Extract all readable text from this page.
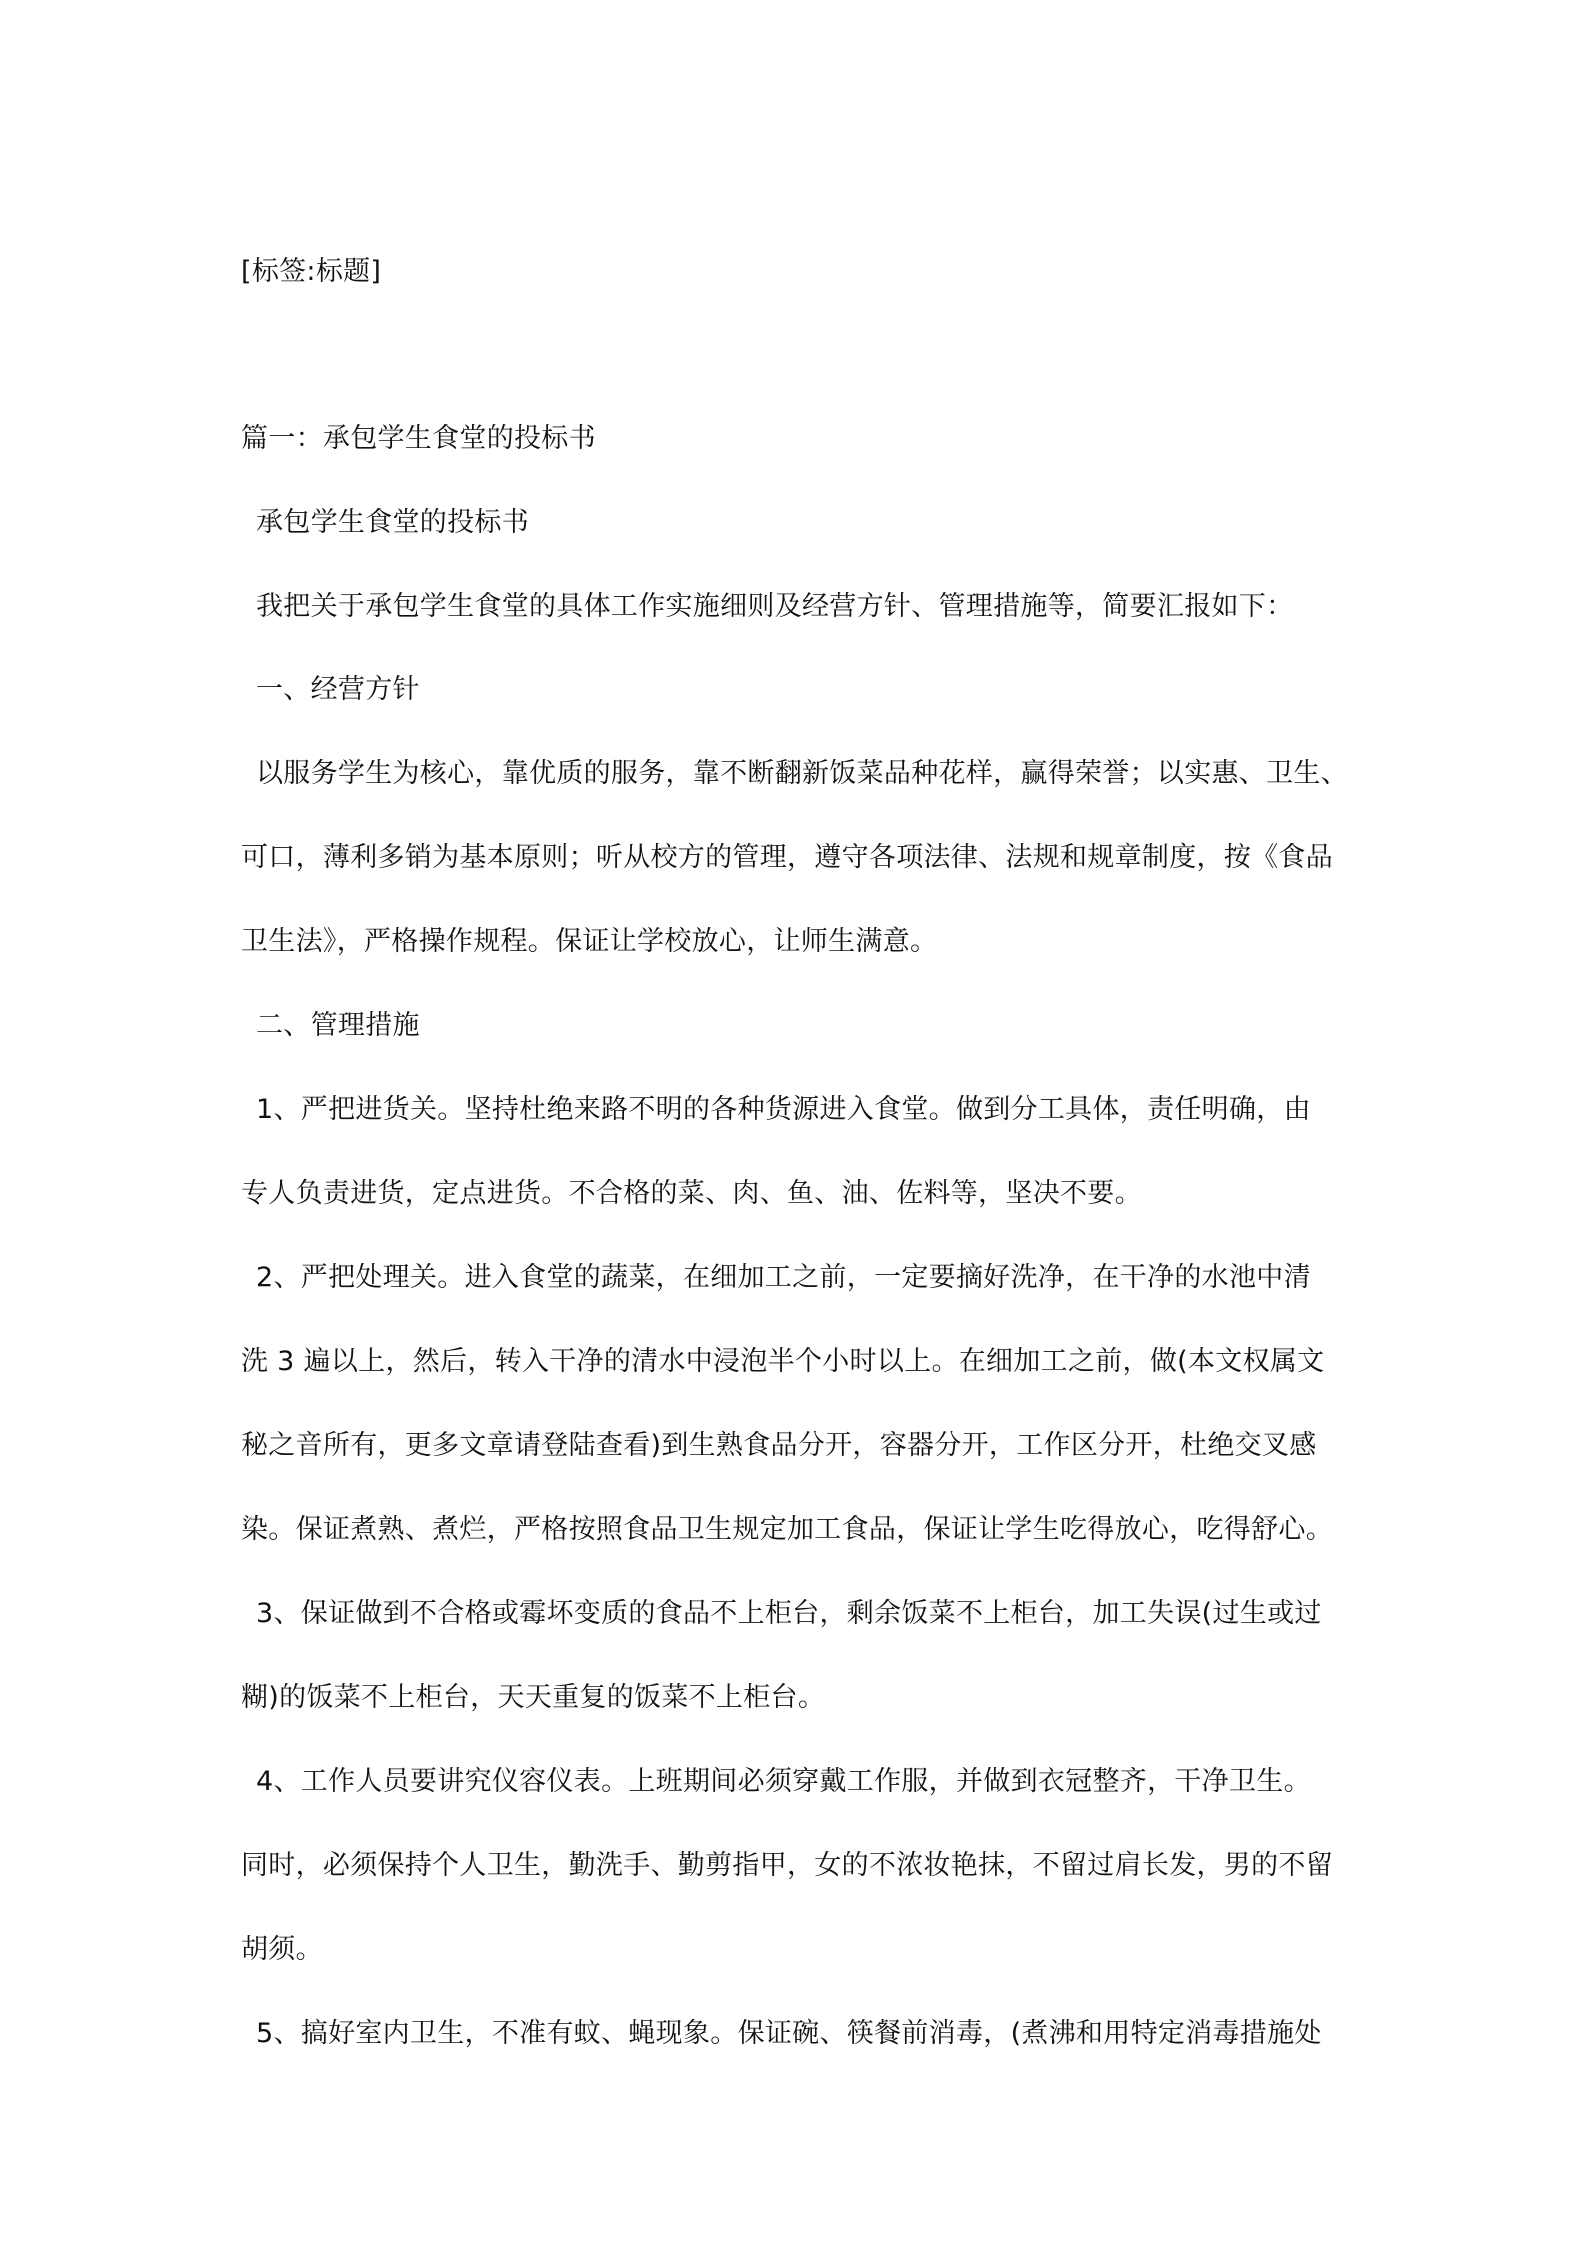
[标签:标题]
篇一：承包学生食堂的投标书
承包学生食堂的投标书
我把关于承包学生食堂的具体工作实施细则及经营方针、管理措施等，简要汇报如下：
一、经营方针
以服务学生为核心，靠优质的服务，靠不断翻新饭菜品种花样，赢得荣誉；以实惠、卫生、
可口，薄利多销为基本原则；听从校方的管理，遵守各项法律、法规和规章制度，按《食品
卫生法》，严格操作规程。保证让学校放心，让师生满意。
二、管理措施
1、严把进货关。坚持杜绝来路不明的各种货源进入食堂。做到分工具体，责任明确，由
专人负责进货，定点进货。不合格的菜、肉、鱼、油、佐料等，坚决不要。
2、严把处理关。进入食堂的蔬菜，在细加工之前，一定要摘好洗净，在干净的水池中清
洗 3 遍以上，然后，转入干净的清水中浸泡半个小时以上。在细加工之前，做(本文权属文
秘之音所有，更多文章请登陆查看)到生熟食品分开，容器分开，工作区分开，杜绝交叉感
染。保证煮熟、煮烂，严格按照食品卫生规定加工食品，保证让学生吃得放心，吃得舒心。
3、保证做到不合格或霉坏变质的食品不上柜台，剩余饭菜不上柜台，加工失误(过生或过
糊)的饭菜不上柜台，天天重复的饭菜不上柜台。
4、工作人员要讲究仪容仪表。上班期间必须穿戴工作服，并做到衣冠整齐，干净卫生。
同时，必须保持个人卫生，勤洗手、勤剪指甲，女的不浓妆艳抹，不留过肩长发，男的不留
胡须。
5、搞好室内卫生，不准有蚊、蝇现象。保证碗、筷餐前消毒，(煮沸和用特定消毒措施处
